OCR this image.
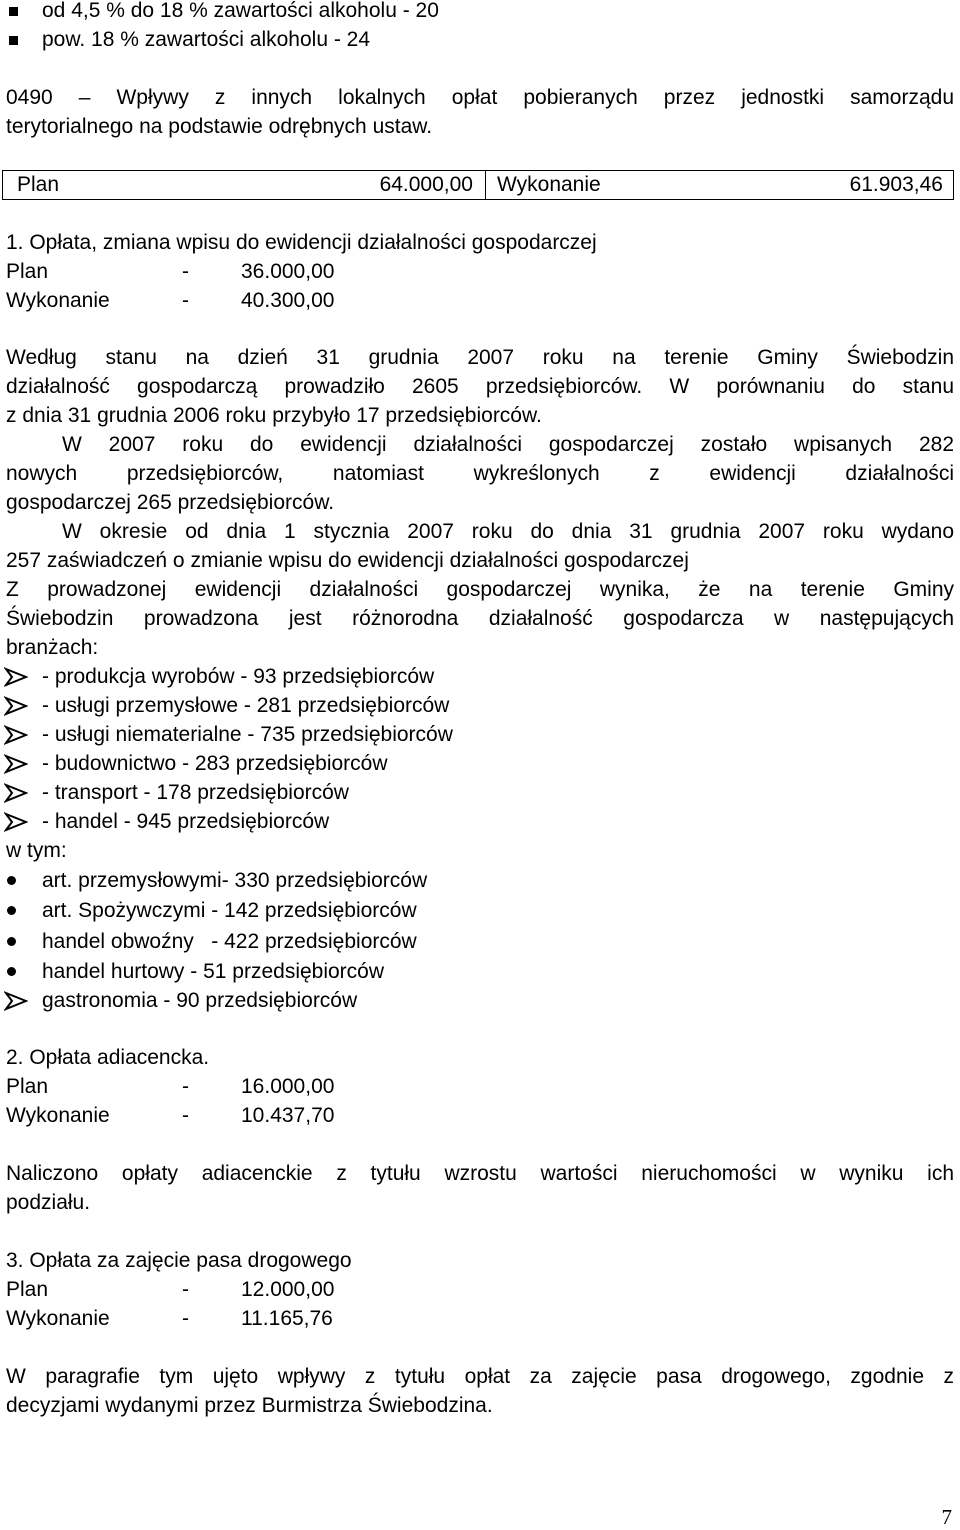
od 4,5 % do 18 % zawartości alkoholu - 20
pow. 18 % zawartości alkoholu - 24
0490 – Wpływy z innych lokalnych opłat pobieranych przez jednostki samorządu
terytorialnego na podstawie odrębnych ustaw.
Plan	64.000,00 Wykonanie	61.903,46
1. Opłata, zmiana wpisu do ewidencji działalności gospodarczej
Plan	- 36.000,00
Wykonanie	- 40.300,00
Według stanu na dzień 31 grudnia 2007 roku na terenie Gminy Świebodzin
działalność gospodarczą prowadziło 2605 przedsiębiorców. W porównaniu do stanu
z dnia 31 grudnia 2006 roku przybyło 17 przedsiębiorców.
W 2007 roku do ewidencji działalności gospodarczej zostało wpisanych 282
nowych przedsiębiorców, natomiast wykreślonych z ewidencji działalności
gospodarczej 265 przedsiębiorców.
W okresie od dnia 1 stycznia 2007 roku do dnia 31 grudnia 2007 roku wydano
257 zaświadczeń o zmianie wpisu do ewidencji działalności gospodarczej
Z prowadzonej ewidencji działalności gospodarczej wynika, że na terenie Gminy
Świebodzin prowadzona jest różnorodna działalność gospodarcza w następujących
branżach:
- produkcja wyrobów - 93 przedsiębiorców
- usługi przemysłowe - 281 przedsiębiorców
- usługi niematerialne - 735 przedsiębiorców
- budownictwo - 283 przedsiębiorców
- transport - 178 przedsiębiorców
- handel - 945 przedsiębiorców
w tym:
art. przemysłowymi- 330 przedsiębiorców
art. Spożywczymi - 142 przedsiębiorców
handel obwoźny   - 422 przedsiębiorców
handel hurtowy - 51 przedsiębiorców
gastronomia - 90 przedsiębiorców
2. Opłata adiacencka.
Plan	- 16.000,00
Wykonanie	- 10.437,70
Naliczono opłaty adiacenckie z tytułu wzrostu wartości nieruchomości w wyniku ich
podziału.
3. Opłata za zajęcie pasa drogowego
Plan	- 12.000,00
Wykonanie	- 11.165,76
W paragrafie tym ujęto wpływy z tytułu opłat za zajęcie pasa drogowego, zgodnie z
decyzjami wydanymi przez Burmistrza Świebodzina.
7
